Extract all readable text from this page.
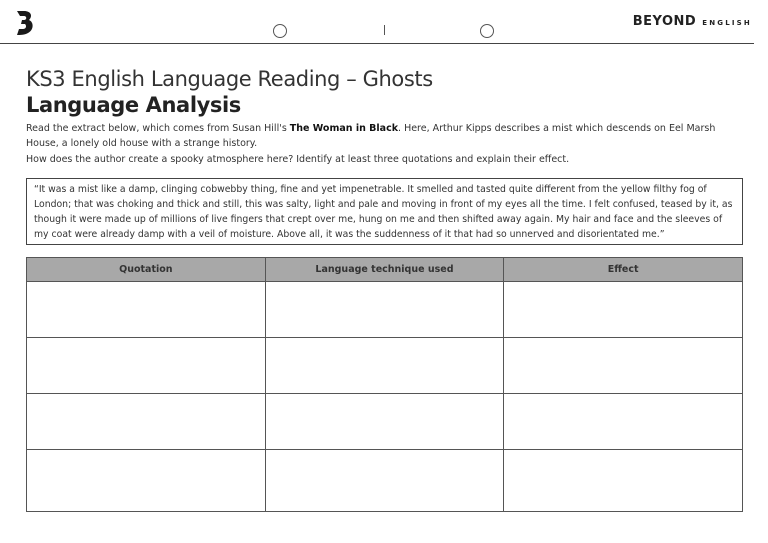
BEYOND ENGLISH
KS3 English Language Reading – Ghosts
Language Analysis
Read the extract below, which comes from Susan Hill's The Woman in Black. Here, Arthur Kipps describes a mist which descends on Eel Marsh House, a lonely old house with a strange history.
How does the author create a spooky atmosphere here? Identify at least three quotations and explain their effect.
“It was a mist like a damp, clinging cobwebby thing, fine and yet impenetrable. It smelled and tasted quite different from the yellow filthy fog of London; that was choking and thick and still, this was salty, light and pale and moving in front of my eyes all the time. I felt confused, teased by it, as though it were made up of millions of live fingers that crept over me, hung on me and then shifted away again. My hair and face and the sleeves of my coat were already damp with a veil of moisture. Above all, it was the suddenness of it that had so unnerved and disorientated me.”
Quotation	Language technique used	Effect
